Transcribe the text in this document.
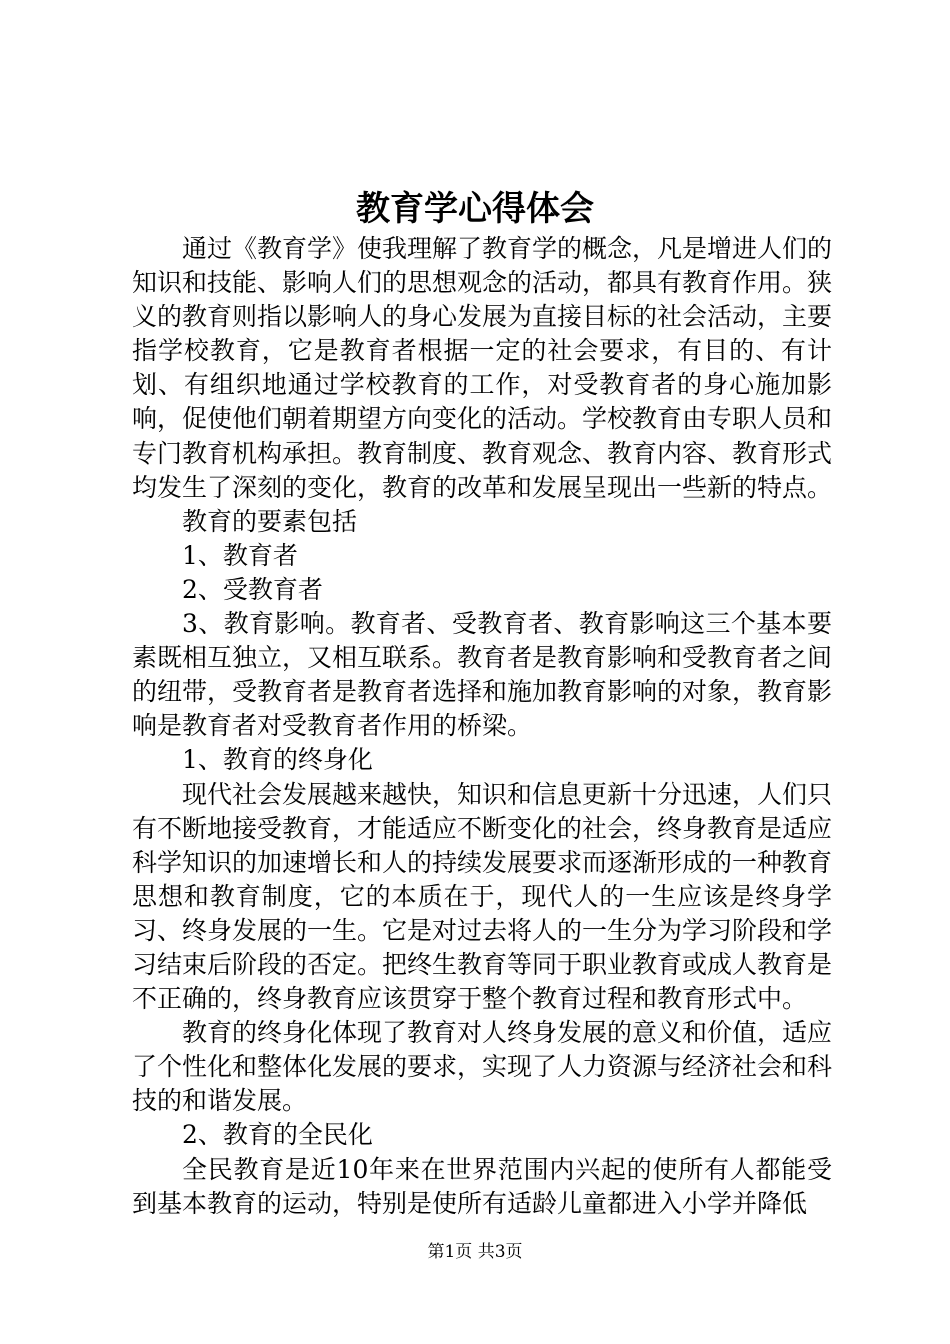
教育学心得体会

通过《教育学》使我理解了教育学的概念，凡是增进人们的知识和技能、影响人们的思想观念的活动，都具有教育作用。狭义的教育则指以影响人的身心发展为直接目标的社会活动，主要指学校教育，它是教育者根据一定的社会要求，有目的、有计划、有组织地通过学校教育的工作，对受教育者的身心施加影响，促使他们朝着期望方向变化的活动。学校教育由专职人员和专门教育机构承担。教育制度、教育观念、教育内容、教育形式均发生了深刻的变化，教育的改革和发展呈现出一些新的特点。

教育的要素包括

1、教育者

2、受教育者

3、教育影响。教育者、受教育者、教育影响这三个基本要素既相互独立，又相互联系。教育者是教育影响和受教育者之间的纽带，受教育者是教育者选择和施加教育影响的对象，教育影响是教育者对受教育者作用的桥梁。

1、教育的终身化

现代社会发展越来越快，知识和信息更新十分迅速，人们只有不断地接受教育，才能适应不断变化的社会，终身教育是适应科学知识的加速增长和人的持续发展要求而逐渐形成的一种教育思想和教育制度，它的本质在于，现代人的一生应该是终身学习、终身发展的一生。它是对过去将人的一生分为学习阶段和学习结束后阶段的否定。把终生教育等同于职业教育或成人教育是不正确的，终身教育应该贯穿于整个教育过程和教育形式中。

教育的终身化体现了教育对人终身发展的意义和价值，适应了个性化和整体化发展的要求，实现了人力资源与经济社会和科技的和谐发展。

2、教育的全民化

全民教育是近10年来在世界范围内兴起的使所有人都能受到基本教育的运动，特别是使所有适龄儿童都进入小学并降低

第1页 共3页
